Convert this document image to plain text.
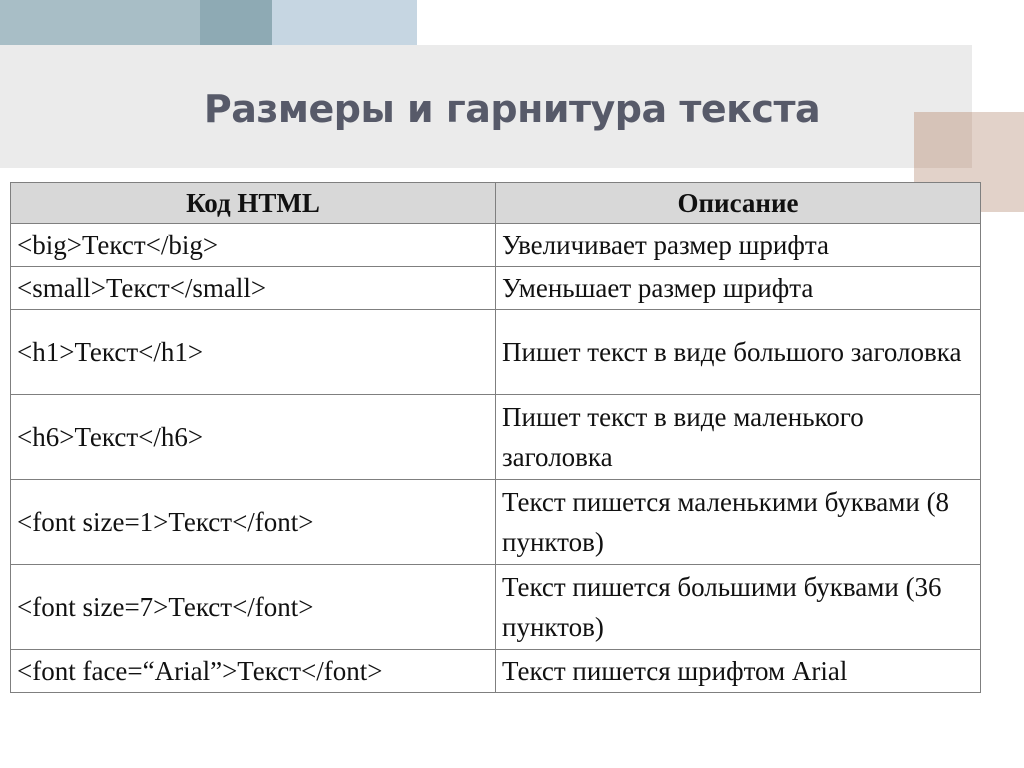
Размеры и гарнитура текста
Код HTML	Описание
<big>Текст</big>	Увеличивает размер шрифта
<small>Текст</small>	Уменьшает размер шрифта
<h1>Текст</h1>	Пишет текст в виде большого заголовка
<h6>Текст</h6>	Пишет текст в виде маленького заголовка
<font size=1>Текст</font>	Текст пишется маленькими буквами (8 пунктов)
<font size=7>Текст</font>	Текст пишется большими буквами (36 пунктов)
<font face=“Arial”>Текст</font>	Текст пишется шрифтом Arial
